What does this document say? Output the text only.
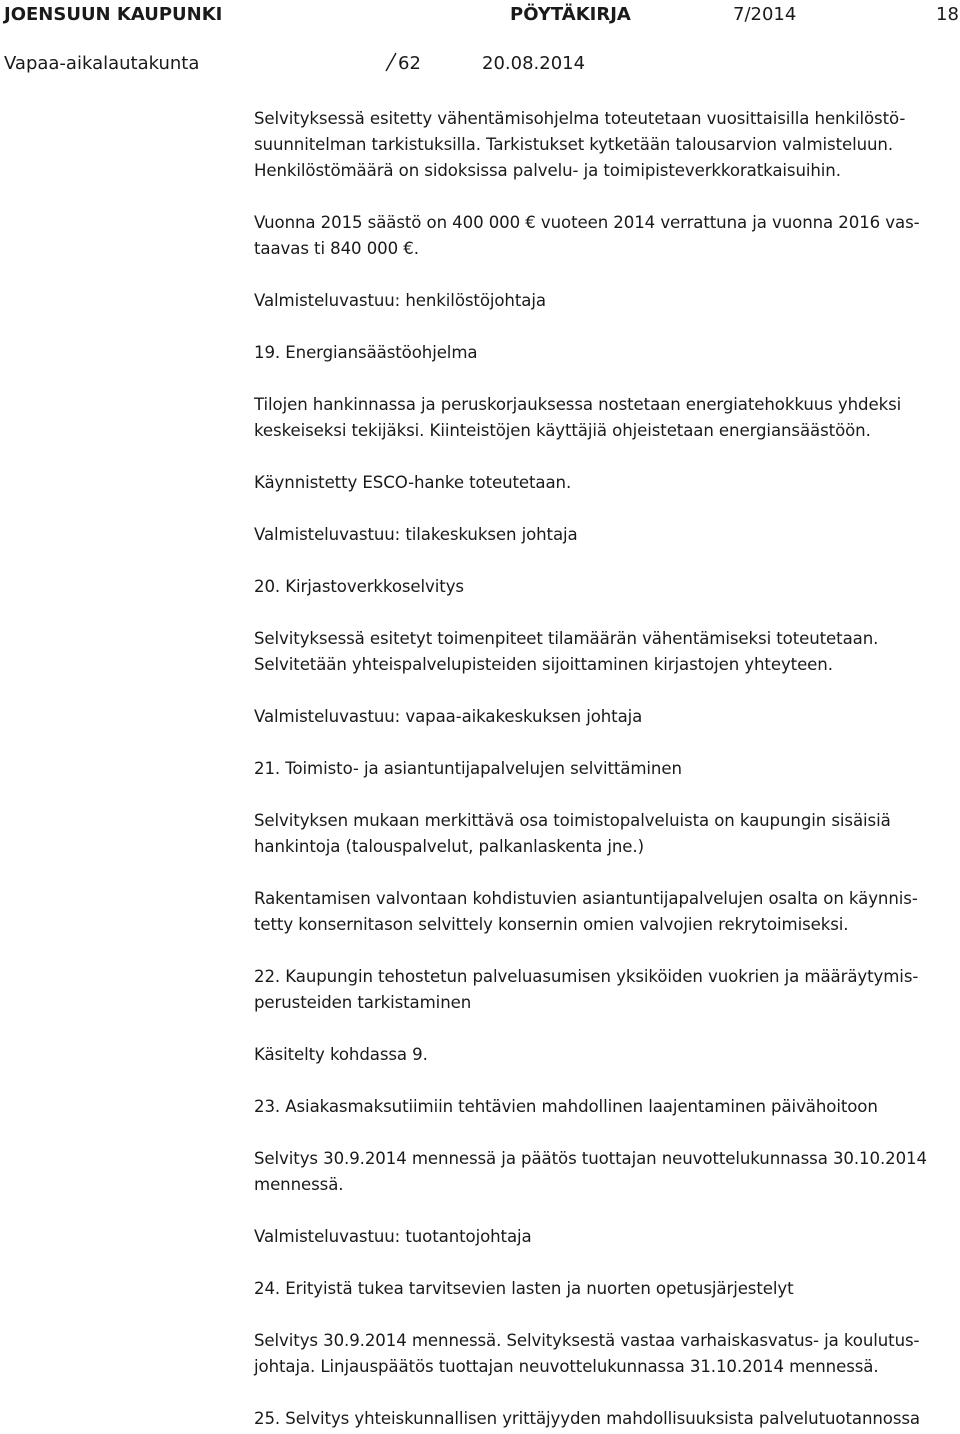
JOENSUUN KAUPUNKI	PÖYTÄKIRJA	7/2014	18
Vapaa-aikalautakunta	62	20.08.2014

Selvityksessä esitetty vähentämisohjelma toteutetaan vuosittaisilla henkilöstö-

suunnitelman tarkistuksilla. Tarkistukset kytketään talousarvion valmisteluun.

Henkilöstömäärä on sidoksissa palvelu- ja toimipisteverkkoratkaisuihin.

Vuonna 2015 säästö on 400 000 € vuoteen 2014 verrattuna ja vuonna 2016 vas-

taavas ti 840 000 €.

Valmisteluvastuu: henkilöstöjohtaja

19. Energiansäästöohjelma

Tilojen hankinnassa ja peruskorjauksessa nostetaan energiatehokkuus yhdeksi

keskeiseksi tekijäksi. Kiinteistöjen käyttäjiä ohjeistetaan energiansäästöön.

Käynnistetty ESCO-hanke toteutetaan.

Valmisteluvastuu: tilakeskuksen johtaja

20. Kirjastoverkkoselvitys

Selvityksessä esitetyt toimenpiteet tilamäärän vähentämiseksi toteutetaan.

Selvitetään yhteispalvelupisteiden sijoittaminen kirjastojen yhteyteen.

Valmisteluvastuu: vapaa-aikakeskuksen johtaja

21. Toimisto- ja asiantuntijapalvelujen selvittäminen

Selvityksen mukaan merkittävä osa toimistopalveluista on kaupungin sisäisiä

hankintoja (talouspalvelut, palkanlaskenta jne.)

Rakentamisen valvontaan kohdistuvien asiantuntijapalvelujen osalta on käynnis-

tetty konsernitason selvittely konsernin omien valvojien rekrytoimiseksi.

22. Kaupungin tehostetun palveluasumisen yksiköiden vuokrien ja määräytymis-

perusteiden tarkistaminen

Käsitelty kohdassa 9.

23. Asiakasmaksutiimiin tehtävien mahdollinen laajentaminen päivähoitoon

Selvitys 30.9.2014 mennessä ja päätös tuottajan neuvottelukunnassa 30.10.2014

mennessä.

Valmisteluvastuu: tuotantojohtaja

24. Erityistä tukea tarvitsevien lasten ja nuorten opetusjärjestelyt

Selvitys 30.9.2014 mennessä. Selvityksestä vastaa varhaiskasvatus- ja koulutus-

johtaja. Linjauspäätös tuottajan neuvottelukunnassa 31.10.2014 mennessä.

25. Selvitys yhteiskunnallisen yrittäjyyden mahdollisuuksista palvelutuotannossa
